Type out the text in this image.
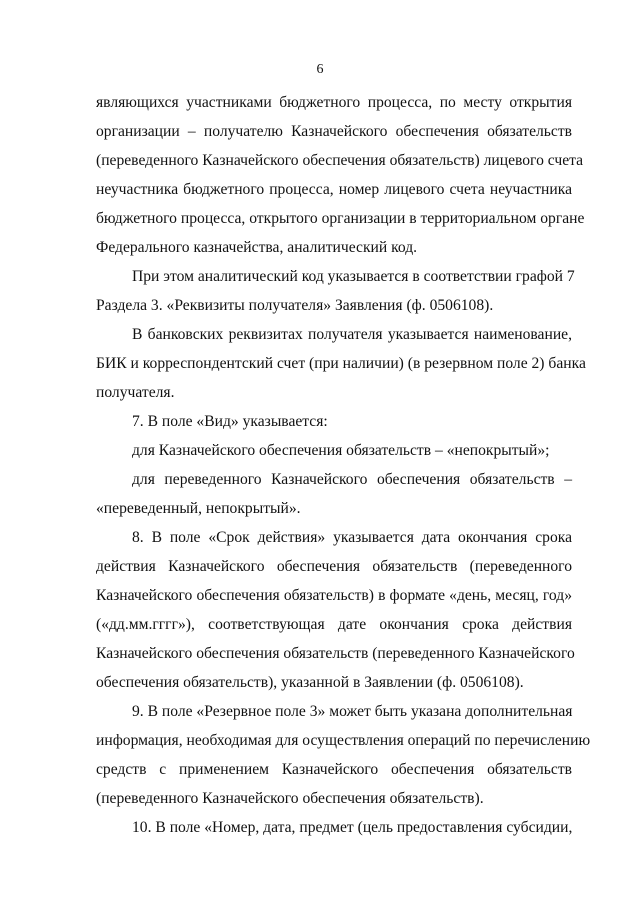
6
являющихся участниками бюджетного процесса, по месту открытия
организации – получателю Казначейского обеспечения обязательств
(переведенного Казначейского обеспечения обязательств) лицевого счета
неучастника бюджетного процесса, номер лицевого счета неучастника
бюджетного процесса, открытого организации в территориальном органе
Федерального казначейства, аналитический код.
При этом аналитический код указывается в соответствии графой 7
Раздела 3. «Реквизиты получателя» Заявления (ф. 0506108).
В банковских реквизитах получателя указывается наименование,
БИК и корреспондентский счет (при наличии) (в резервном поле 2) банка
получателя.
7. В поле «Вид» указывается:
для Казначейского обеспечения обязательств – «непокрытый»;
для переведенного Казначейского обеспечения обязательств –
«переведенный, непокрытый».
8. В поле «Срок действия» указывается дата окончания срока
действия Казначейского обеспечения обязательств (переведенного
Казначейского обеспечения обязательств) в формате «день, месяц, год»
(«дд.мм.гггг»), соответствующая дате окончания срока действия
Казначейского обеспечения обязательств (переведенного Казначейского
обеспечения обязательств), указанной в Заявлении (ф. 0506108).
9. В поле «Резервное поле 3» может быть указана дополнительная
информация, необходимая для осуществления операций по перечислению
средств с применением Казначейского обеспечения обязательств
(переведенного Казначейского обеспечения обязательств).
10. В поле «Номер, дата, предмет (цель предоставления субсидии,
